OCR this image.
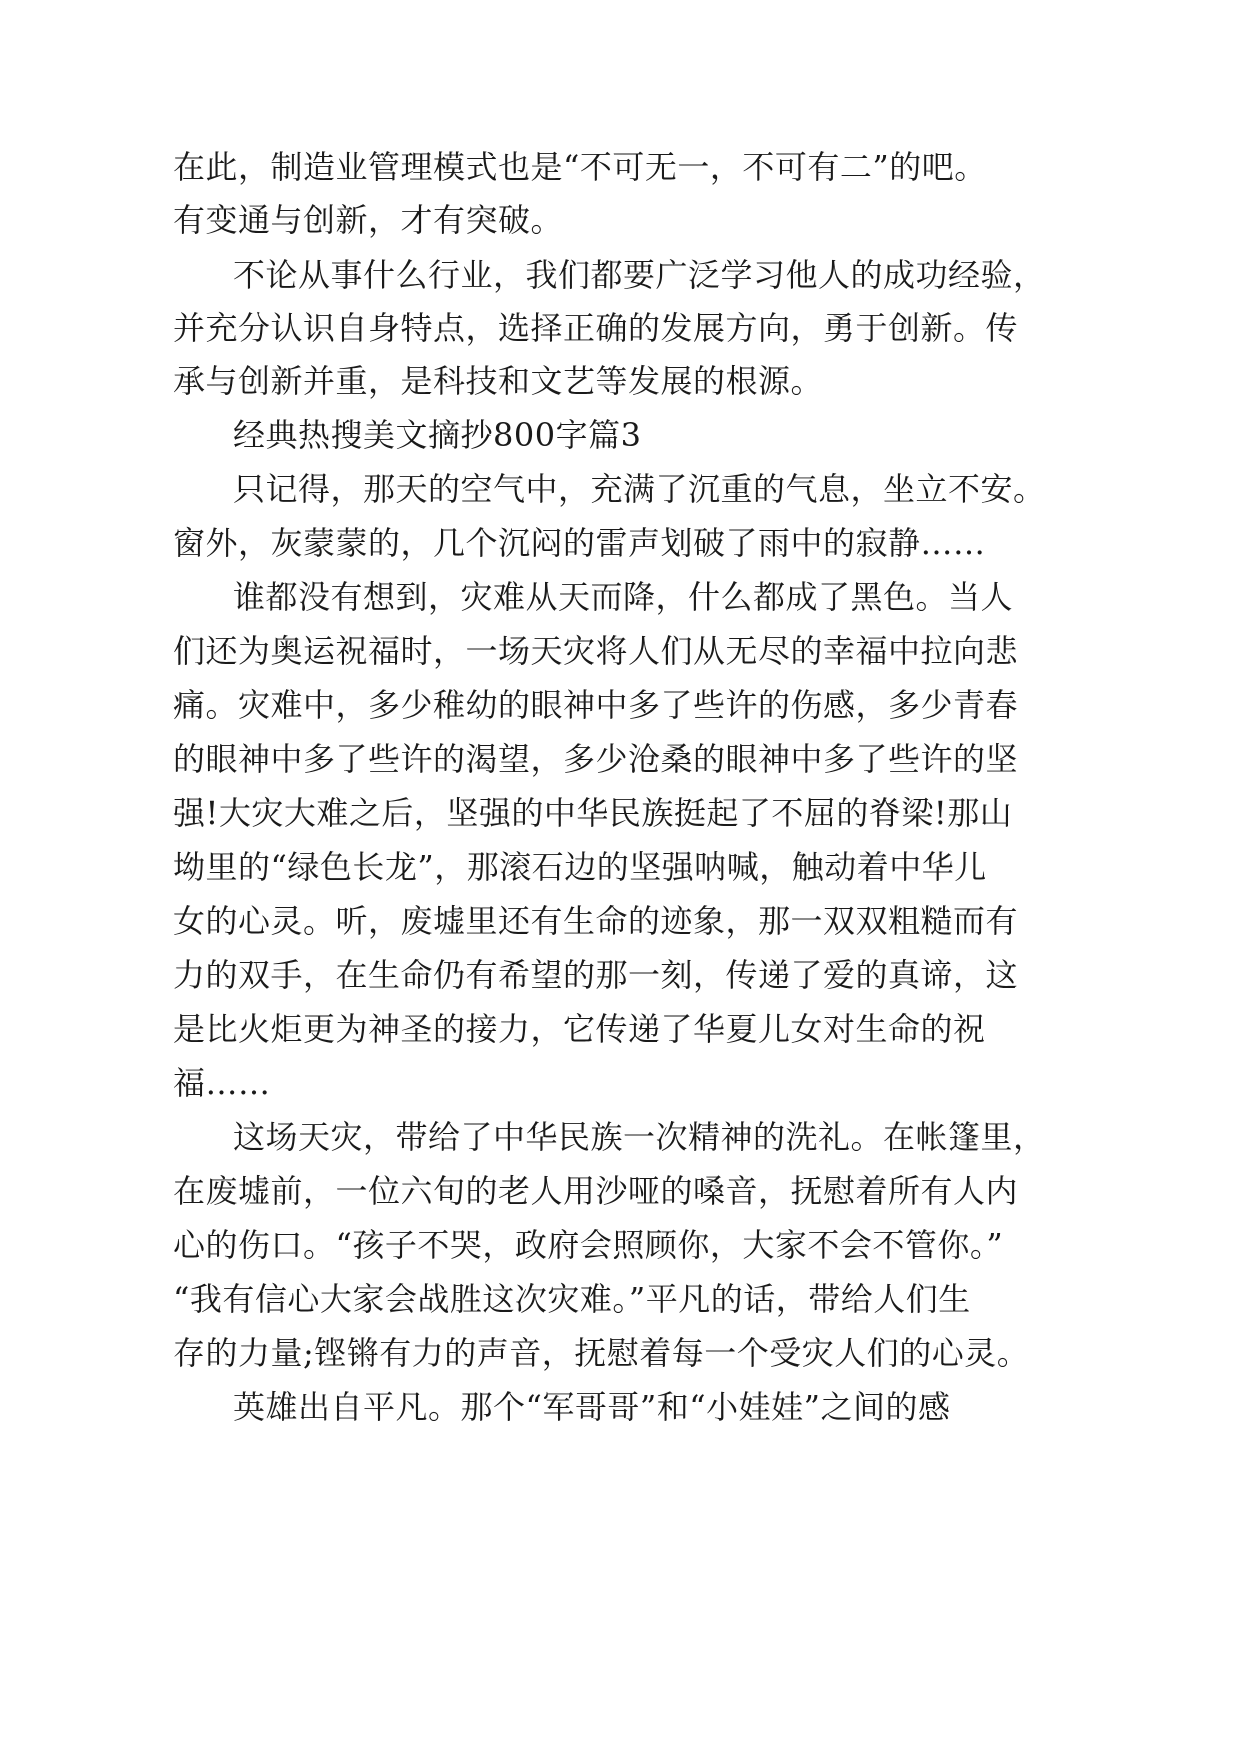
在此，制造业管理模式也是“不可无一，不可有二”的吧。
有变通与创新，才有突破。
不论从事什么行业，我们都要广泛学习他人的成功经验，
并充分认识自身特点，选择正确的发展方向，勇于创新。传
承与创新并重，是科技和文艺等发展的根源。
经典热搜美文摘抄800字篇3
只记得，那天的空气中，充满了沉重的气息，坐立不安。
窗外，灰蒙蒙的，几个沉闷的雷声划破了雨中的寂静……
谁都没有想到，灾难从天而降，什么都成了黑色。当人
们还为奥运祝福时，一场天灾将人们从无尽的幸福中拉向悲
痛。灾难中，多少稚幼的眼神中多了些许的伤感，多少青春
的眼神中多了些许的渴望，多少沧桑的眼神中多了些许的坚
强!大灾大难之后，坚强的中华民族挺起了不屈的脊梁!那山
坳里的“绿色长龙”，那滚石边的坚强呐喊，触动着中华儿
女的心灵。听，废墟里还有生命的迹象，那一双双粗糙而有
力的双手，在生命仍有希望的那一刻，传递了爱的真谛，这
是比火炬更为神圣的接力，它传递了华夏儿女对生命的祝
福……
这场天灾，带给了中华民族一次精神的洗礼。在帐篷里，
在废墟前，一位六旬的老人用沙哑的嗓音，抚慰着所有人内
心的伤口。“孩子不哭，政府会照顾你，大家不会不管你。”
“我有信心大家会战胜这次灾难。”平凡的话，带给人们生
存的力量;铿锵有力的声音，抚慰着每一个受灾人们的心灵。
英雄出自平凡。那个“军哥哥”和“小娃娃”之间的感
